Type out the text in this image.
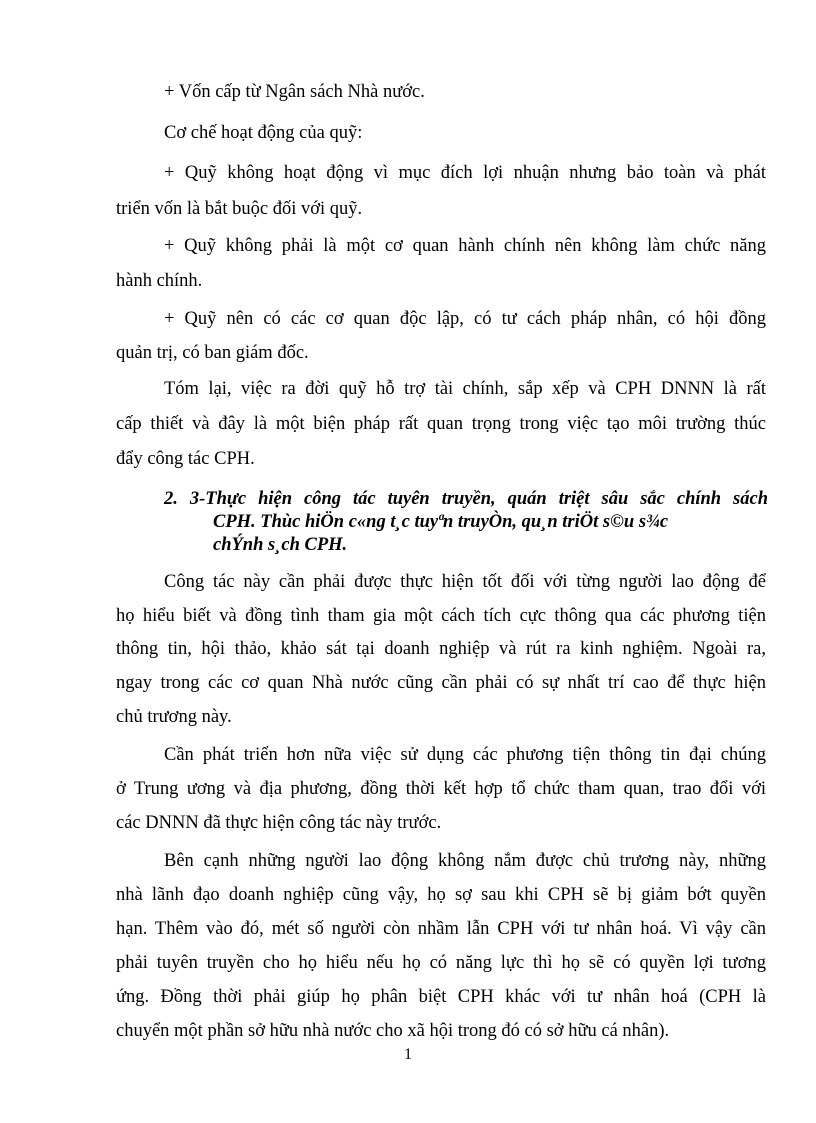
+ Vốn cấp từ Ngân sách Nhà nước.
Cơ chế hoạt động của quỹ:
+ Quỹ không hoạt động vì mục đích lợi nhuận nhưng bảo toàn và phát
triển vốn là bắt buộc đối với quỹ.
+ Quỹ không phải là một cơ quan hành chính nên không làm chức năng
hành chính.
+ Quỹ nên có các cơ quan độc lập, có tư cách pháp nhân, có hội đồng
quản trị, có ban giám đốc.
Tóm lại, việc ra đời quỹ hỗ trợ tài chính, sắp xếp và CPH DNNN là rất
cấp thiết và đây là một biện pháp rất quan trọng trong việc tạo môi trường thúc
đẩy công tác CPH.
2. 3-Thực hiện công tác tuyên truyền, quán triệt sâu sắc chính sách
CPH. Thùc hiÖn c«ng t¸c tuyªn truyÒn, qu¸n triÖt s©u s¾c
chÝnh s¸ch CPH.
Công tác này cần phải được thực hiện tốt đối với từng người lao động để
họ hiểu biết và đồng tình tham gia một cách tích cực thông qua các phương tiện
thông tin, hội thảo, khảo sát tại doanh nghiệp và rút ra kinh nghiệm. Ngoài ra,
ngay trong các cơ quan Nhà nước cũng cần phải có sự nhất trí cao để thực hiện
chủ trương này.
Cần phát triển hơn nữa việc sử dụng các phương tiện thông tin đại chúng
ở Trung ương và địa phương, đồng thời kết hợp tổ chức tham quan, trao đổi với
các DNNN đã thực hiện công tác này trước.
Bên cạnh những người lao động không nắm được chủ trương này, những
nhà lãnh đạo doanh nghiệp cũng vậy, họ sợ sau khi CPH sẽ bị giảm bớt quyền
hạn. Thêm vào đó, mét số người còn nhầm lẫn CPH với tư nhân hoá. Vì vậy cần
phải tuyên truyền cho họ hiểu nếu họ có năng lực thì họ sẽ có quyền lợi tương
ứng. Đồng thời phải giúp họ phân biệt CPH khác với tư nhân hoá (CPH là
chuyển một phần sở hữu nhà nước cho xã hội trong đó có sở hữu cá nhân).
1
